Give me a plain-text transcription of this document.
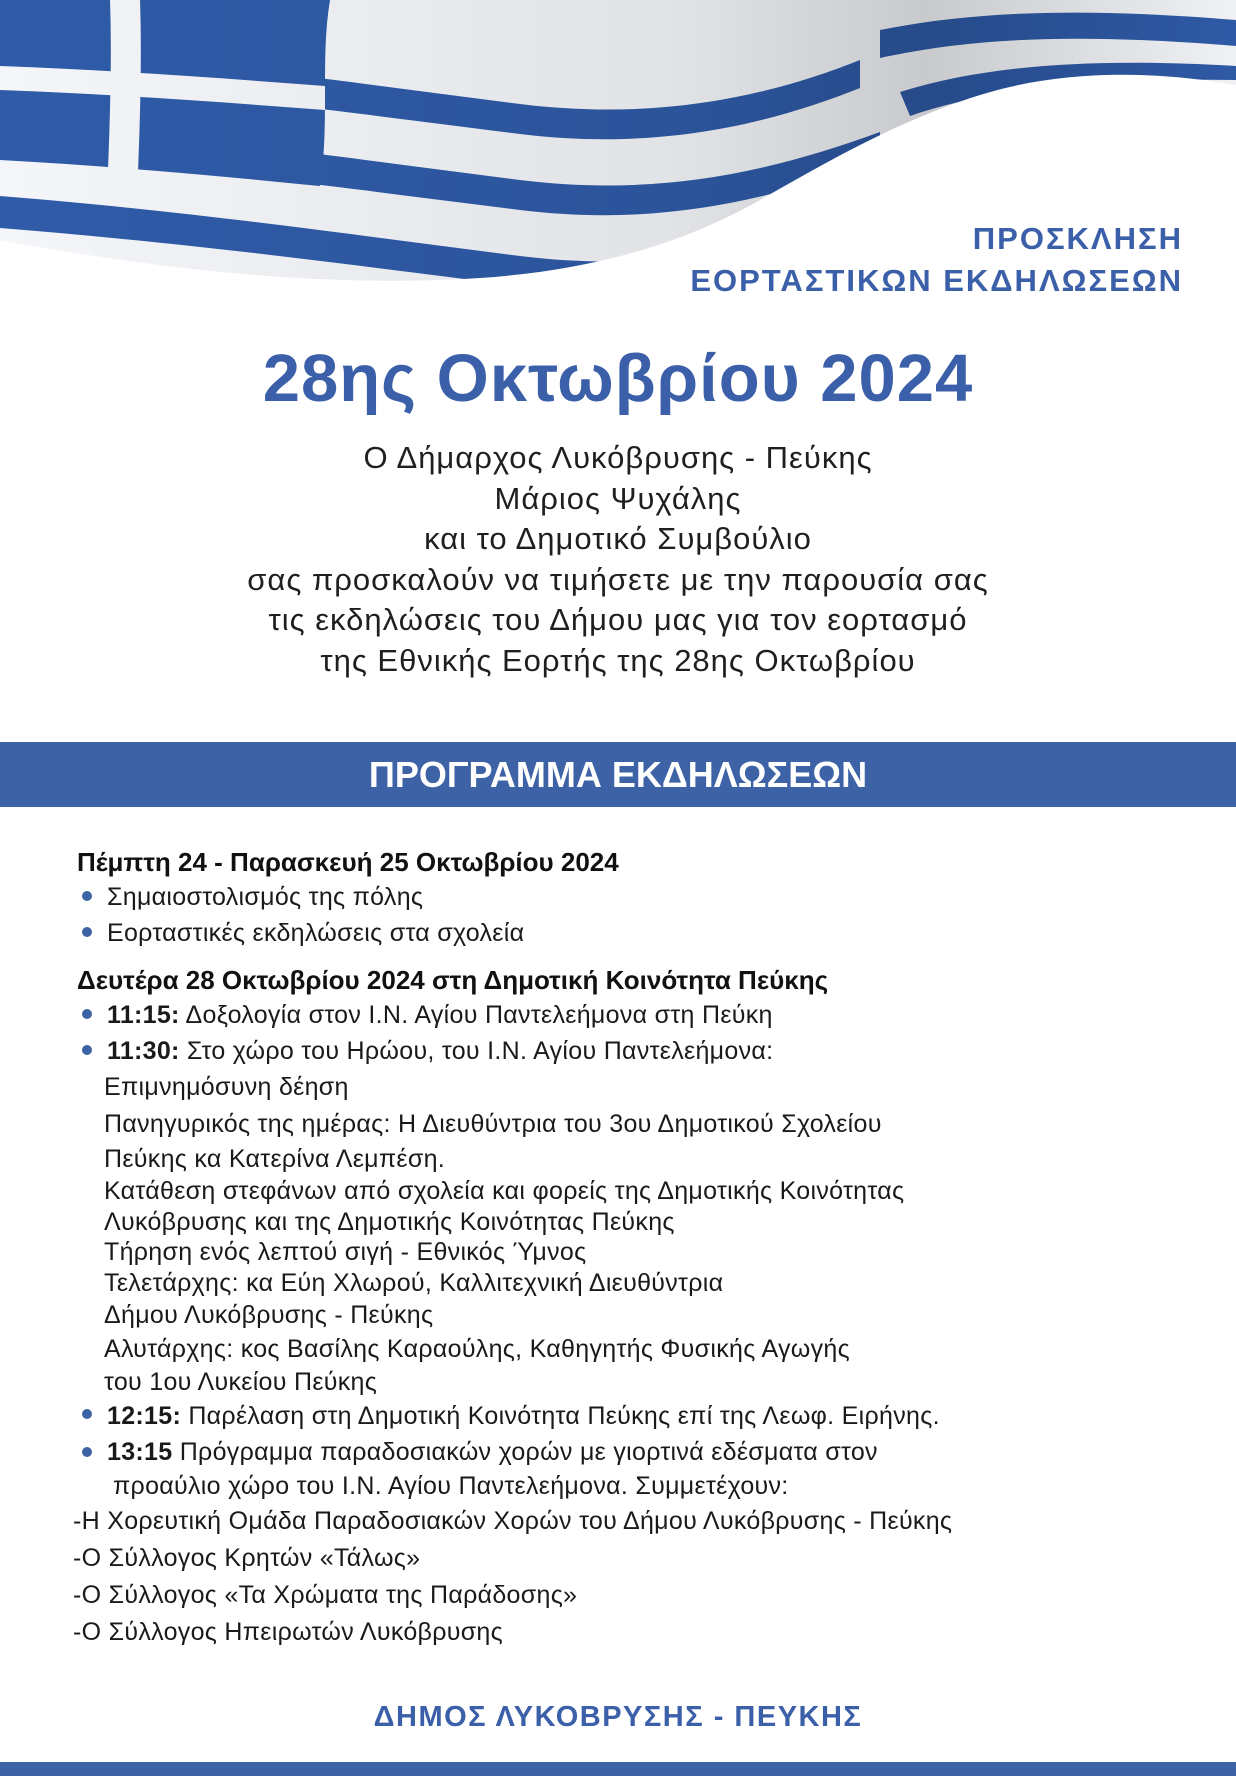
ΠΡΟΣΚΛΗΣΗ
ΕΟΡΤΑΣΤΙΚΩΝ ΕΚΔΗΛΩΣΕΩΝ
28ης Οκτωβρίου 2024
Ο Δήμαρχος Λυκόβρυσης - Πεύκης
Μάριος Ψυχάλης
και το Δημοτικό Συμβούλιο
σας προσκαλούν να τιμήσετε με την παρουσία σας
τις εκδηλώσεις του Δήμου μας για τον εορτασμό
της Εθνικής Εορτής της 28ης Οκτωβρίου
ΠΡΟΓΡΑΜΜΑ ΕΚΔΗΛΩΣΕΩΝ
Πέμπτη 24 - Παρασκευή 25 Οκτωβρίου 2024
Σημαιοστολισμός της πόλης
Εορταστικές εκδηλώσεις στα σχολεία
Δευτέρα 28 Οκτωβρίου 2024 στη Δημοτική Κοινότητα Πεύκης
11:15: Δοξολογία στον Ι.Ν. Αγίου Παντελεήμονα στη Πεύκη
11:30: Στο χώρο του Ηρώου, του Ι.Ν. Αγίου Παντελεήμονα:
Επιμνημόσυνη δέηση
Πανηγυρικός της ημέρας: Η Διευθύντρια του 3ου Δημοτικού Σχολείου
Πεύκης κα Κατερίνα Λεμπέση.
Κατάθεση στεφάνων από σχολεία και φορείς της Δημοτικής Κοινότητας
Λυκόβρυσης και της Δημοτικής Κοινότητας Πεύκης
Τήρηση ενός λεπτού σιγή - Εθνικός Ύμνος
Τελετάρχης: κα Εύη Χλωρού, Καλλιτεχνική Διευθύντρια
Δήμου Λυκόβρυσης - Πεύκης
Αλυτάρχης: κος Βασίλης Καραούλης, Καθηγητής Φυσικής Αγωγής
του 1ου Λυκείου Πεύκης
12:15: Παρέλαση στη Δημοτική Κοινότητα Πεύκης επί της Λεωφ. Ειρήνης.
13:15 Πρόγραμμα παραδοσιακών χορών με γιορτινά εδέσματα στον
προαύλιο χώρο του Ι.Ν. Αγίου Παντελεήμονα. Συμμετέχουν:
-Η Χορευτική Ομάδα Παραδοσιακών Χορών του Δήμου Λυκόβρυσης - Πεύκης
-Ο Σύλλογος Κρητών «Τάλως»
-Ο Σύλλογος «Τα Χρώματα της Παράδοσης»
-Ο Σύλλογος Ηπειρωτών Λυκόβρυσης
ΔΗΜΟΣ ΛΥΚΟΒΡΥΣΗΣ - ΠΕΥΚΗΣ
